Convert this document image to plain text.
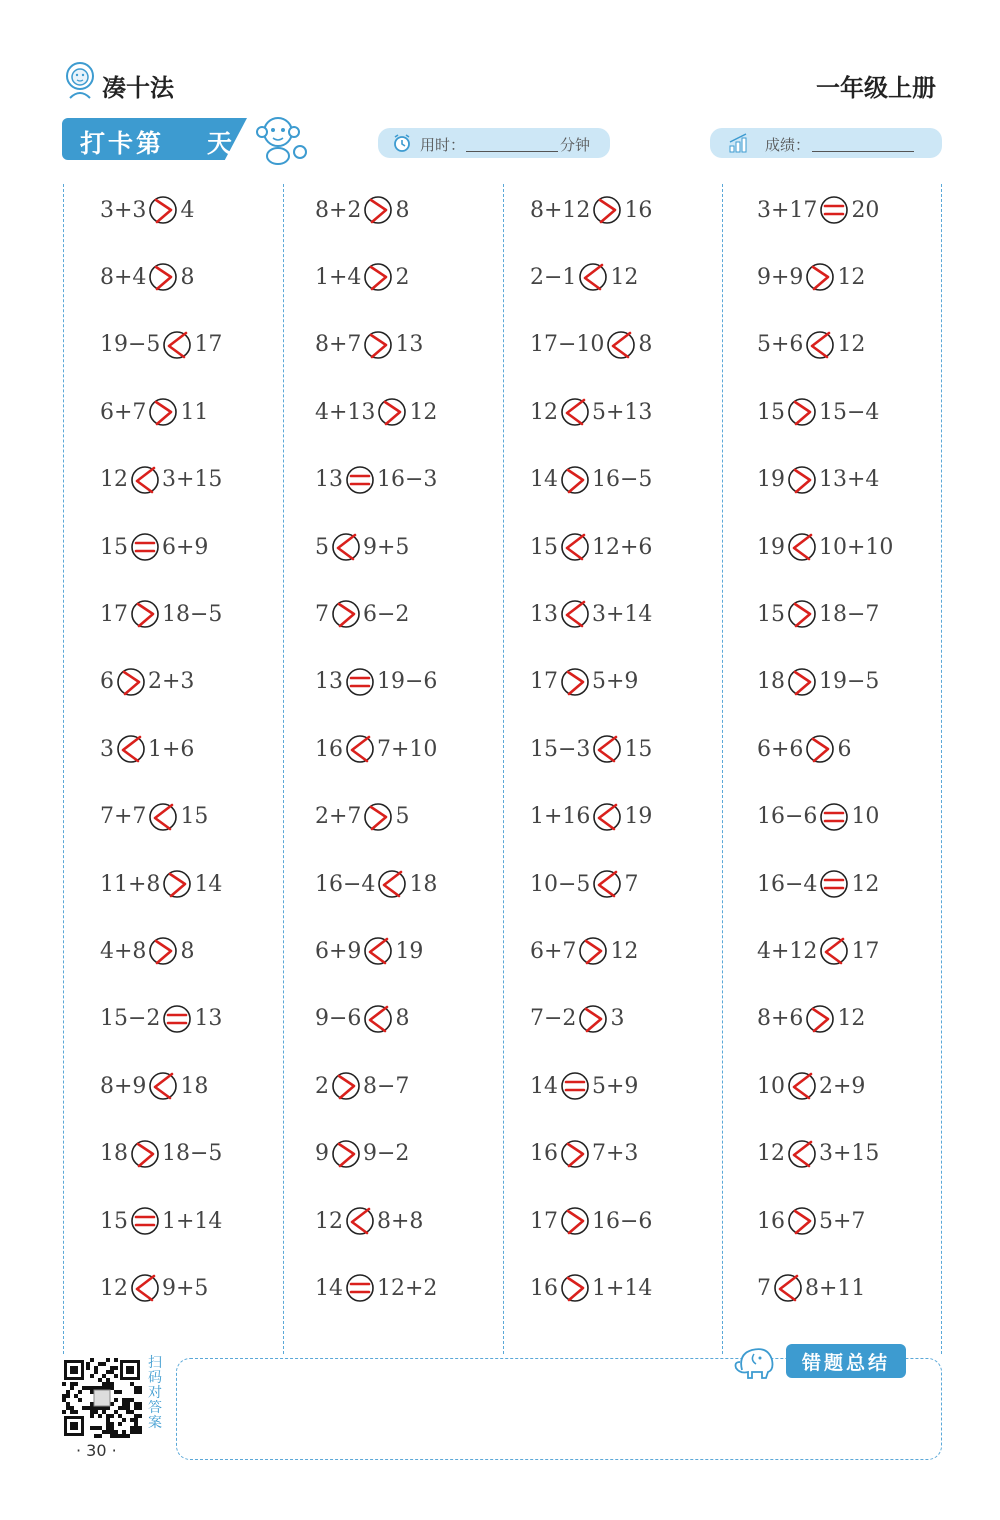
凑十法	一年级上册
打卡第 天	用时：	分钟	成绩：
3+3 4
8+4 8
19−5 17
6+7 11
12 3+15
15 6+9
17 18−5
6 2+3
3 1+6
7+7 15
11+8 14
4+8 8
15−2 13
8+9 18
18 18−5
15 1+14
12 9+5
8+2 8
1+4 2
8+7 13
4+13 12
13 16−3
5 9+5
7 6−2
13 19−6
16 7+10
2+7 5
16−4 18
6+9 19
9−6 8
2 8−7
9 9−2
12 8+8
14 12+2
8+12 16
2−1 12
17−10 8
12 5+13
14 16−5
15 12+6
13 3+14
17 5+9
15−3 15
1+16 19
10−5 7
6+7 12
7−2 3
14 5+9
16 7+3
17 16−6
16 1+14
3+17 20
9+9 12
5+6 12
15 15−4
19 13+4
19 10+10
15 18−7
18 19−5
6+6 6
16−6 10
16−4 12
4+12 17
8+6 12
10 2+9
12 3+15
16 5+7
7 8+11
扫码对答案
· 30 ·
错题总结
